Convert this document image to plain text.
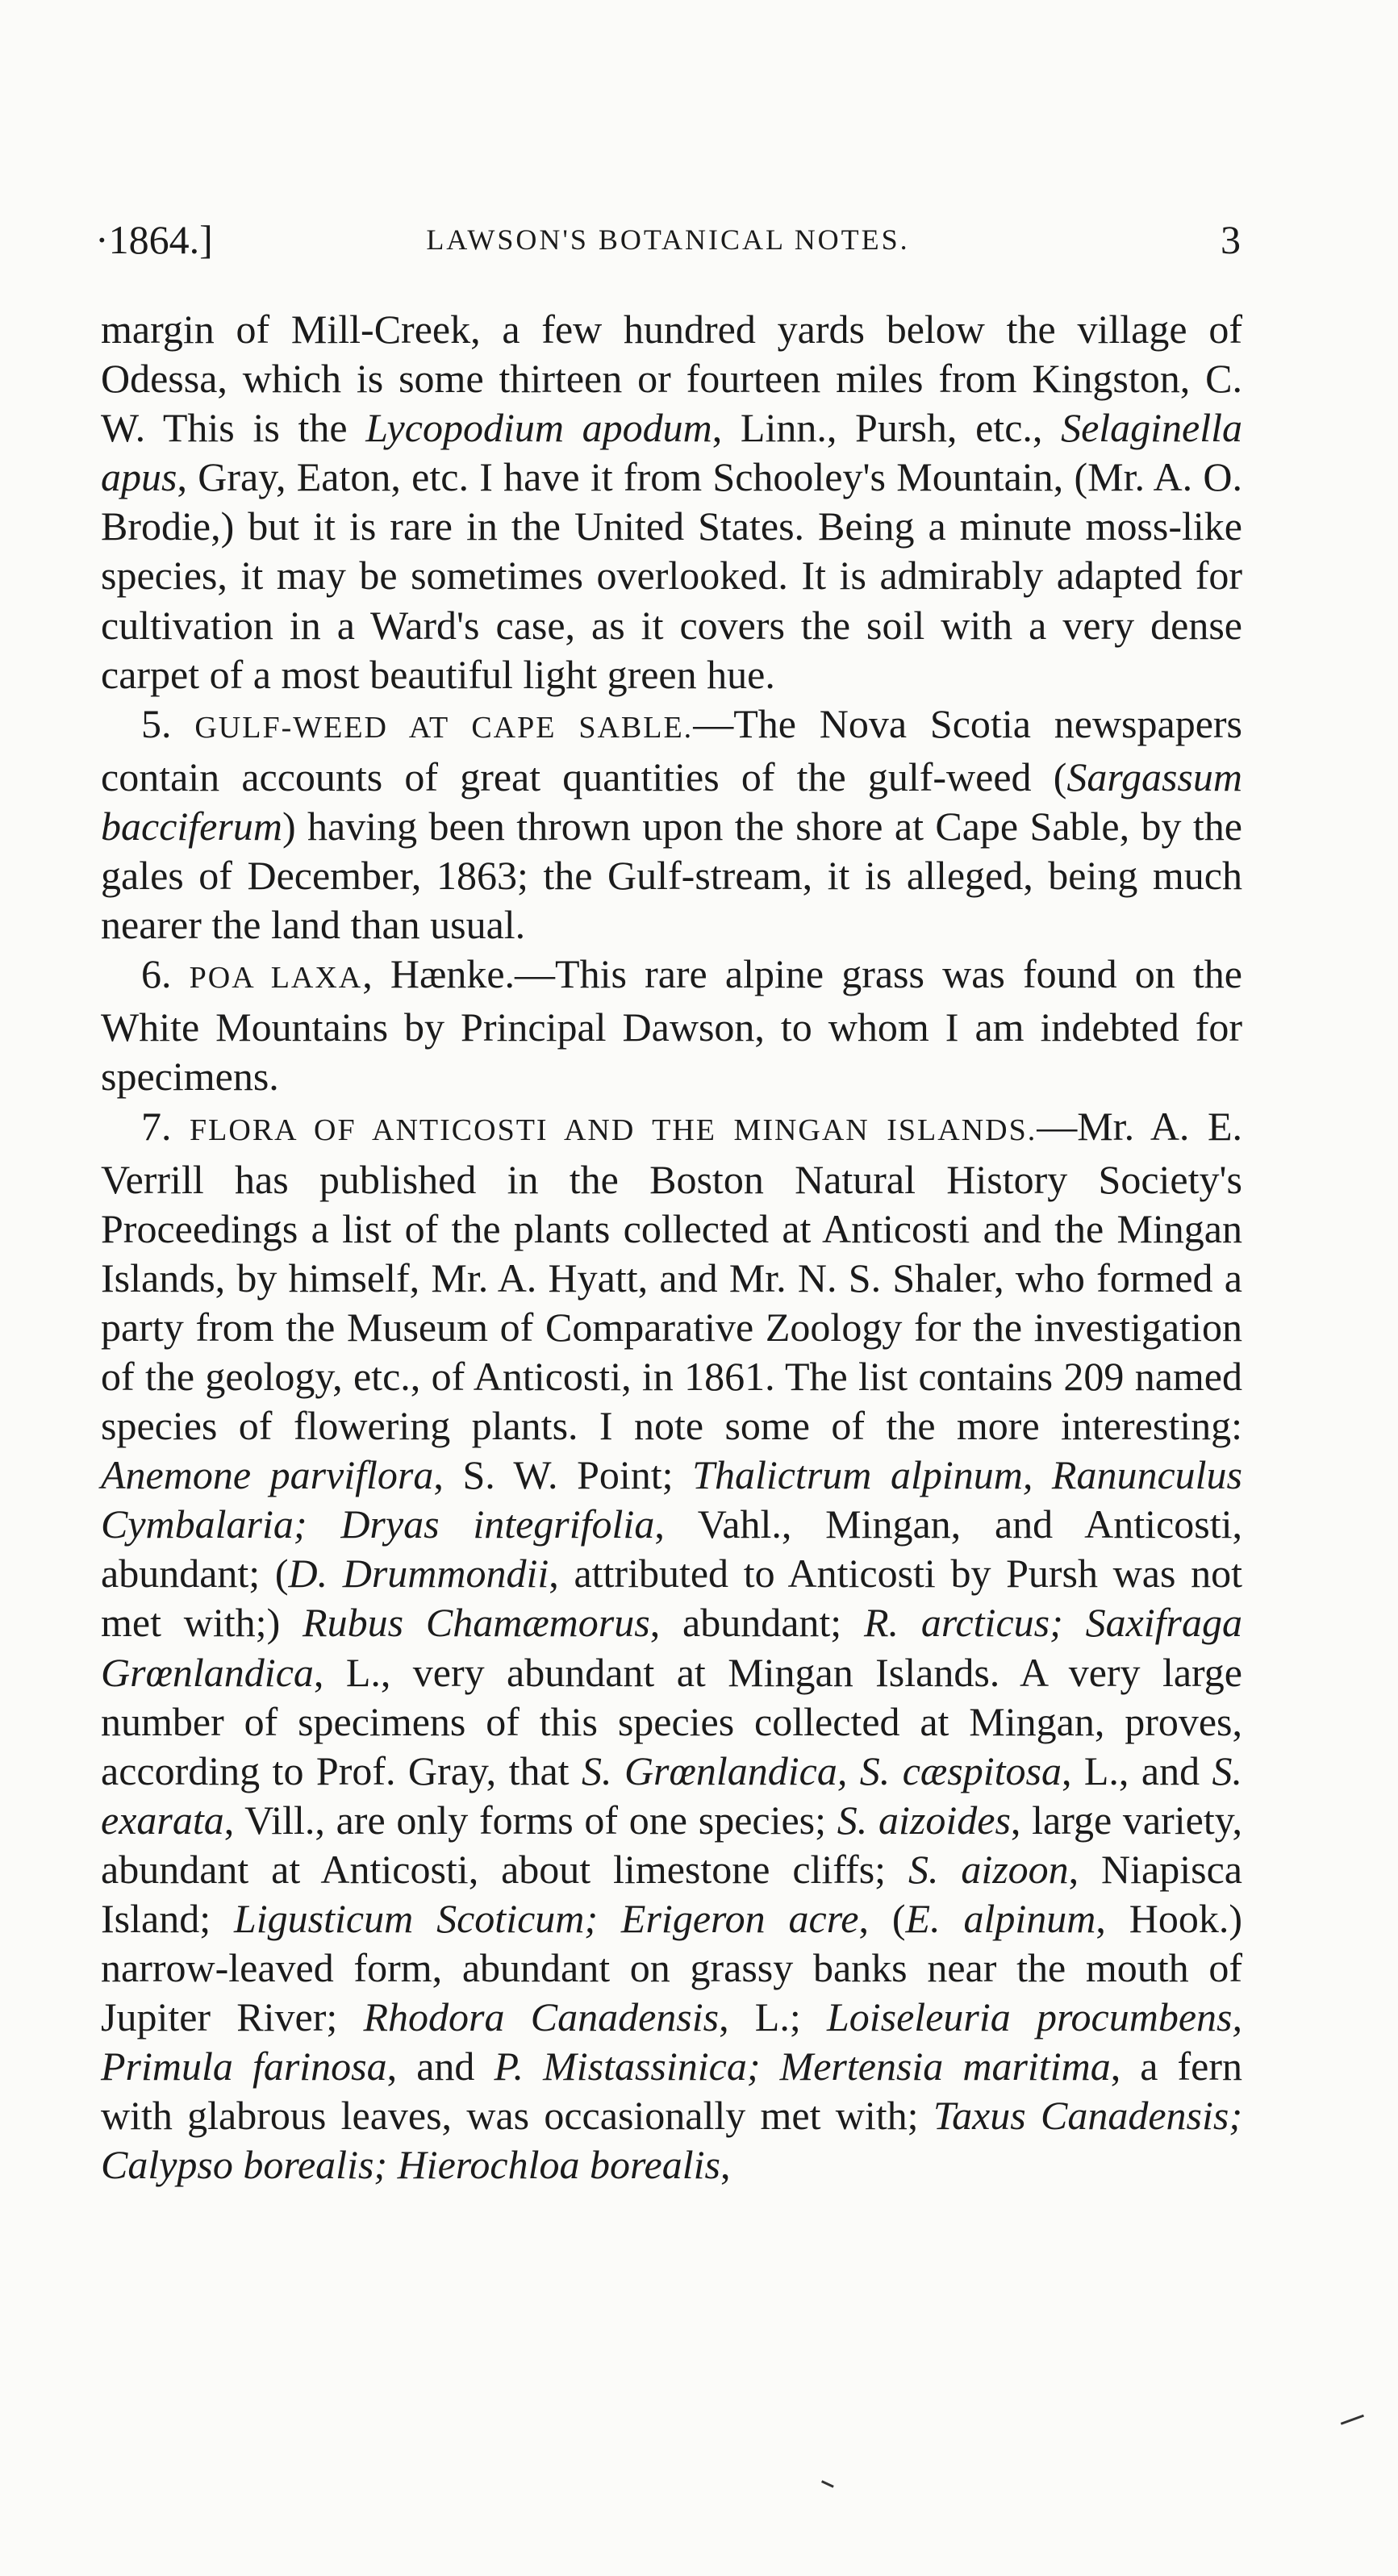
·1864.]	LAWSON'S BOTANICAL NOTES.	3

margin of Mill-Creek, a few hundred yards below the village of Odessa, which is some thirteen or fourteen miles from Kingston, C. W. This is the Lycopodium apodum, Linn., Pursh, etc., Selaginella apus, Gray, Eaton, etc. I have it from Schooley's Mountain, (Mr. A. O. Brodie,) but it is rare in the United States. Being a minute moss-like species, it may be sometimes overlooked. It is admirably adapted for cultivation in a Ward's case, as it covers the soil with a very dense carpet of a most beautiful light green hue.

5. GULF-WEED AT CAPE SABLE.—The Nova Scotia newspapers contain accounts of great quantities of the gulf-weed (Sargassum bacciferum) having been thrown upon the shore at Cape Sable, by the gales of December, 1863; the Gulf-stream, it is alleged, being much nearer the land than usual.

6. POA LAXA, Hænke.—This rare alpine grass was found on the White Mountains by Principal Dawson, to whom I am indebted for specimens.

7. FLORA OF ANTICOSTI AND THE MINGAN ISLANDS.—Mr. A. E. Verrill has published in the Boston Natural History Society's Proceedings a list of the plants collected at Anticosti and the Mingan Islands, by himself, Mr. A. Hyatt, and Mr. N. S. Shaler, who formed a party from the Museum of Comparative Zoology for the investigation of the geology, etc., of Anticosti, in 1861. The list contains 209 named species of flowering plants. I note some of the more interesting: Anemone parviflora, S. W. Point; Thalictrum alpinum, Ranunculus Cymbalaria; Dryas integrifolia, Vahl., Mingan, and Anticosti, abundant; (D. Drummondii, attributed to Anticosti by Pursh was not met with;) Rubus Chamæmorus, abundant; R. arcticus; Saxifraga Grœnlandica, L., very abundant at Mingan Islands. A very large number of specimens of this species collected at Mingan, proves, according to Prof. Gray, that S. Grœnlandica, S. cæspitosa, L., and S. exarata, Vill., are only forms of one species; S. aizoides, large variety, abundant at Anticosti, about limestone cliffs; S. aizoon, Niapisca Island; Ligusticum Scoticum; Erigeron acre, (E. alpinum, Hook.) narrow-leaved form, abundant on grassy banks near the mouth of Jupiter River; Rhodora Canadensis, L.; Loiseleuria procumbens, Primula farinosa, and P. Mistassinica; Mertensia maritima, a fern with glabrous leaves, was occasionally met with; Taxus Canadensis; Calypso borealis; Hierochloa borealis,
